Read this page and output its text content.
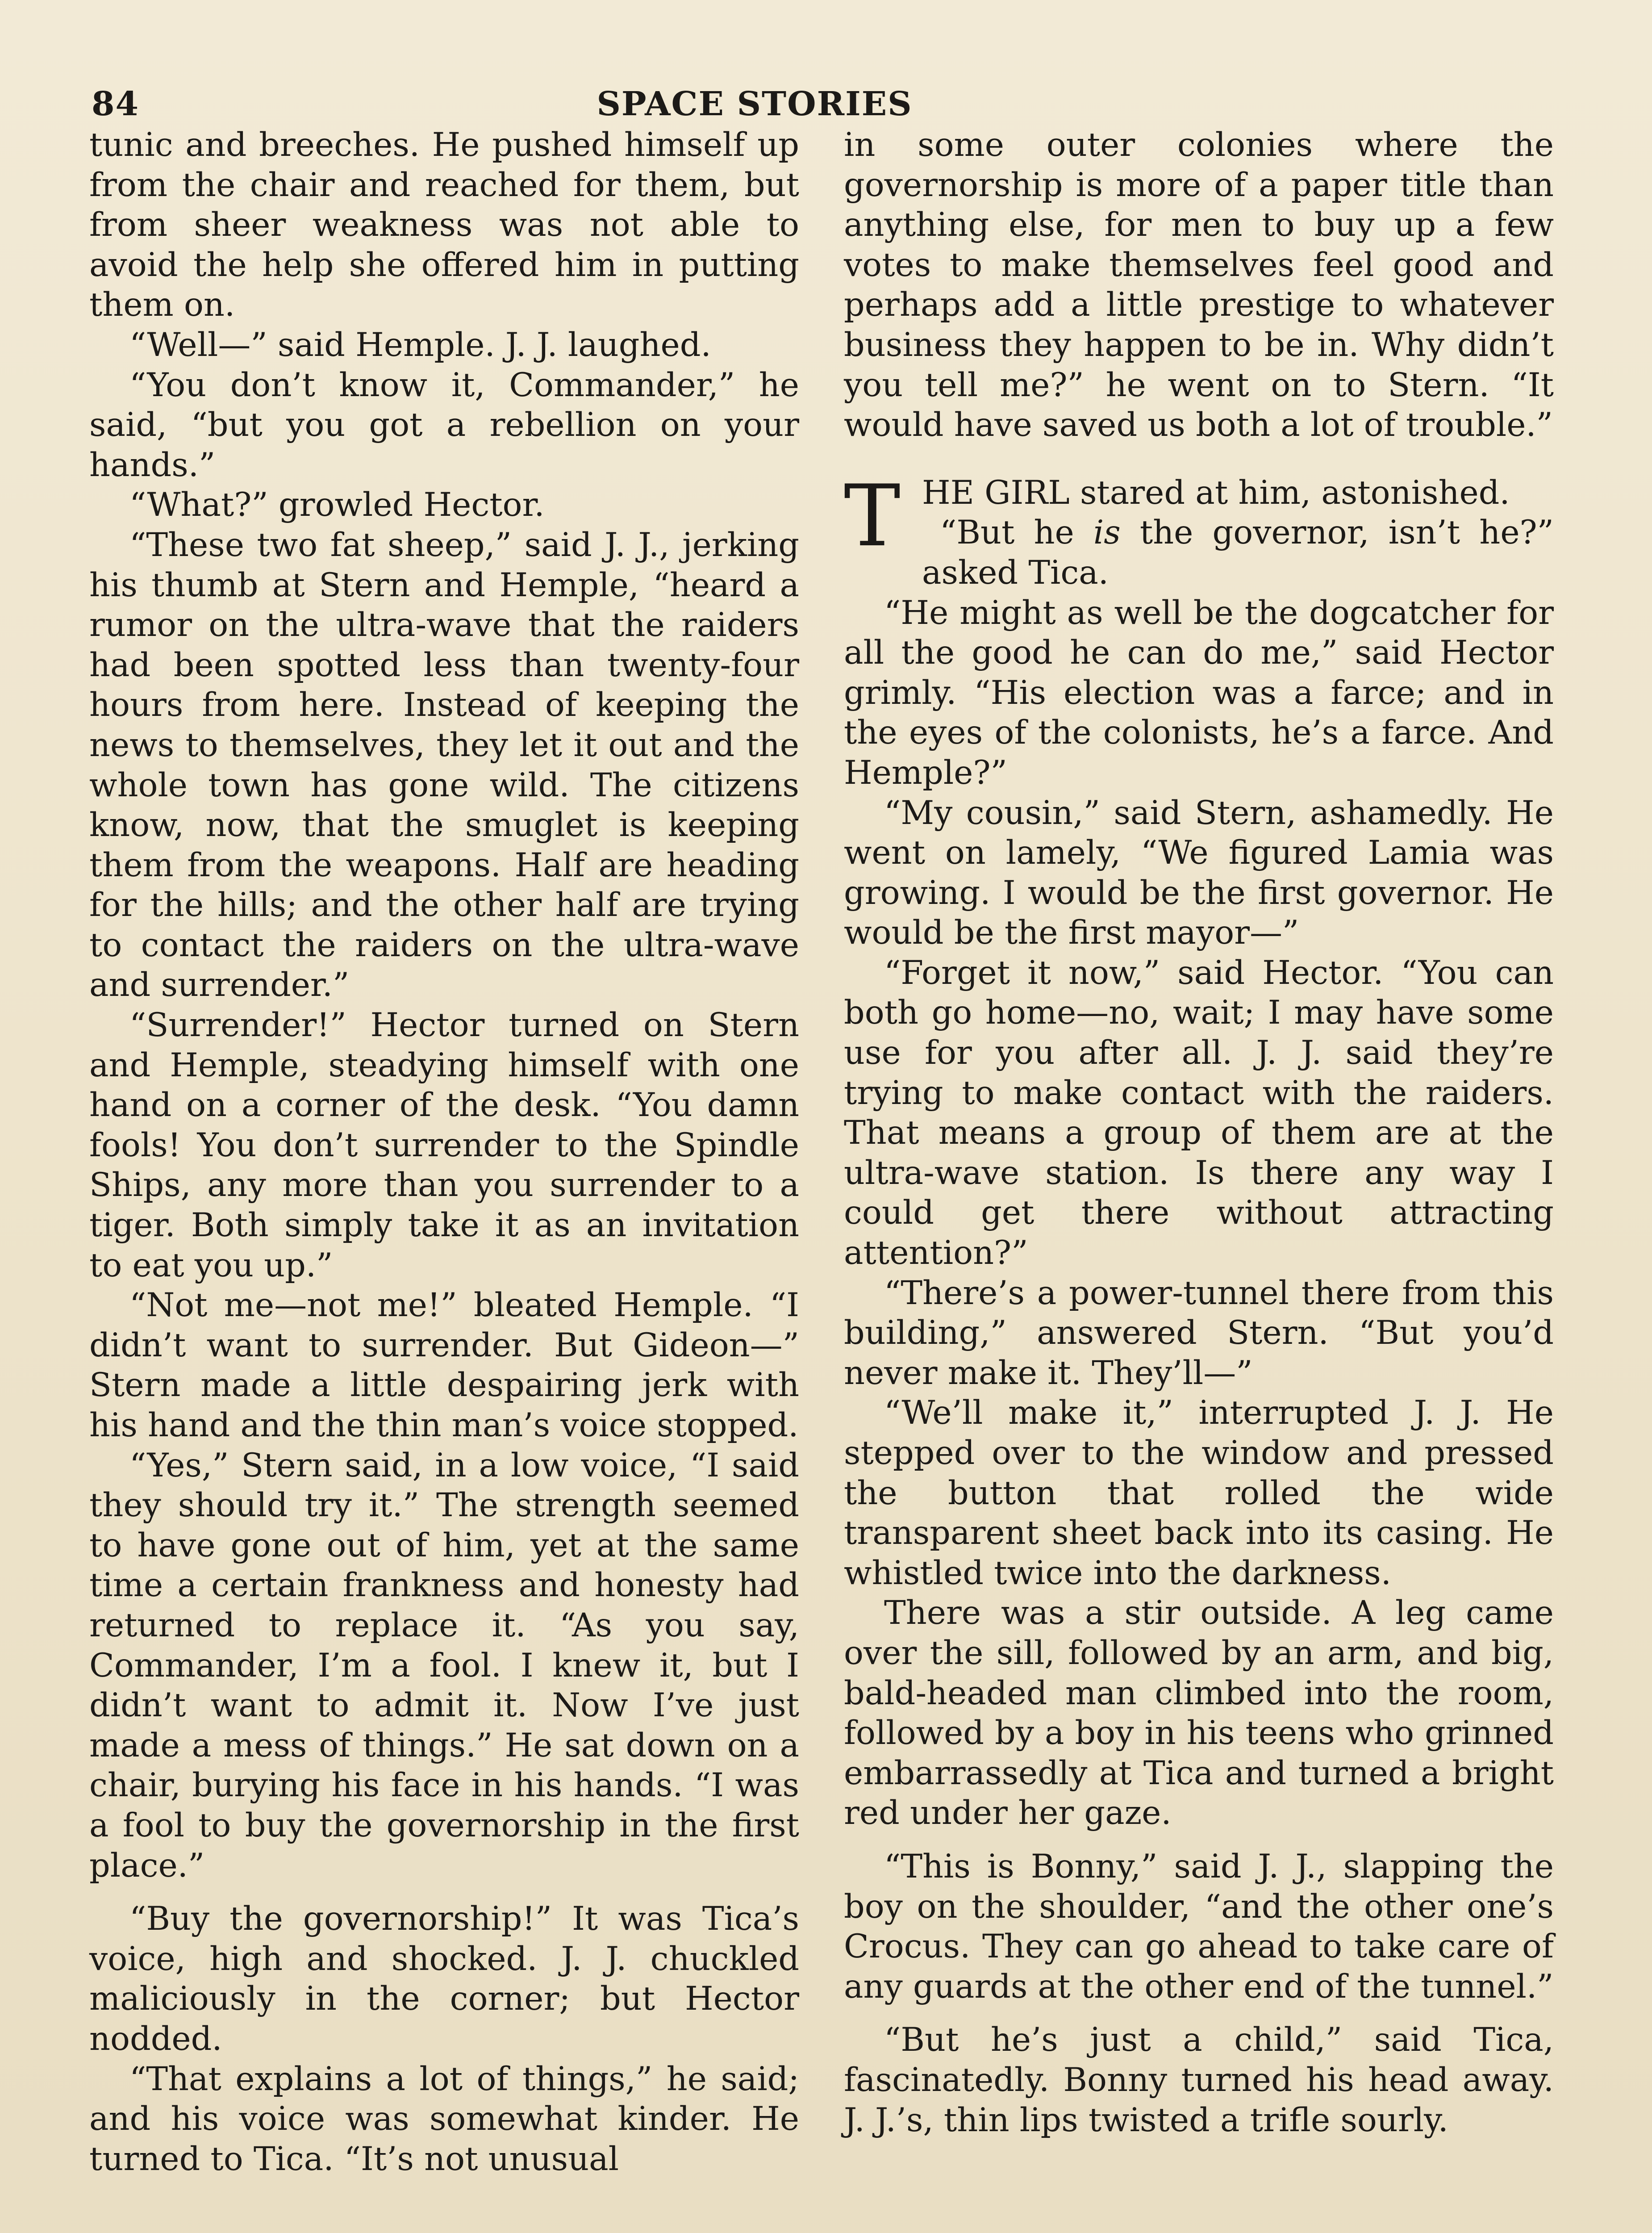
84	SPACE STORIES

tunic and breeches. He pushed himself up from the chair and reached for them, but from sheer weakness was not able to avoid the help she offered him in putting them on.

“Well—” said Hemple. J. J. laughed.

“You don’t know it, Commander,” he said, “but you got a rebellion on your hands.”

“What?” growled Hector.

“These two fat sheep,” said J. J., jerking his thumb at Stern and Hemple, “heard a rumor on the ultra-wave that the raiders had been spotted less than twenty-four hours from here. Instead of keeping the news to themselves, they let it out and the whole town has gone wild. The citizens know, now, that the smuglet is keeping them from the weapons. Half are heading for the hills; and the other half are trying to contact the raiders on the ultra-wave and surrender.”

“Surrender!” Hector turned on Stern and Hemple, steadying himself with one hand on a corner of the desk. “You damn fools! You don’t surrender to the Spindle Ships, any more than you surrender to a tiger. Both simply take it as an invitation to eat you up.”

“Not me—not me!” bleated Hemple. “I didn’t want to surrender. But Gideon—” Stern made a little despairing jerk with his hand and the thin man’s voice stopped.

“Yes,” Stern said, in a low voice, “I said they should try it.” The strength seemed to have gone out of him, yet at the same time a certain frankness and honesty had returned to replace it. “As you say, Commander, I’m a fool. I knew it, but I didn’t want to admit it. Now I’ve just made a mess of things.” He sat down on a chair, burying his face in his hands. “I was a fool to buy the governorship in the first place.”

“Buy the governorship!” It was Tica’s voice, high and shocked. J. J. chuckled maliciously in the corner; but Hector nodded.

“That explains a lot of things,” he said; and his voice was somewhat kinder. He turned to Tica. “It’s not unusual

in some outer colonies where the governorship is more of a paper title than anything else, for men to buy up a few votes to make themselves feel good and perhaps add a little prestige to whatever business they happen to be in. Why didn’t you tell me?” he went on to Stern. “It would have saved us both a lot of trouble.”

T HE GIRL stared at him, astonished.

“But he is the governor, isn’t he?” asked Tica.

“He might as well be the dogcatcher for all the good he can do me,” said Hector grimly. “His election was a farce; and in the eyes of the colonists, he’s a farce. And Hemple?”

“My cousin,” said Stern, ashamedly. He went on lamely, “We figured Lamia was growing. I would be the first governor. He would be the first mayor—”

“Forget it now,” said Hector. “You can both go home—no, wait; I may have some use for you after all. J. J. said they’re trying to make contact with the raiders. That means a group of them are at the ultra-wave station. Is there any way I could get there without attracting attention?”

“There’s a power-tunnel there from this building,” answered Stern. “But you’d never make it. They’ll—”

“We’ll make it,” interrupted J. J. He stepped over to the window and pressed the button that rolled the wide transparent sheet back into its casing. He whistled twice into the darkness.

There was a stir outside. A leg came over the sill, followed by an arm, and big, bald-headed man climbed into the room, followed by a boy in his teens who grinned embarrassedly at Tica and turned a bright red under her gaze.

“This is Bonny,” said J. J., slapping the boy on the shoulder, “and the other one’s Crocus. They can go ahead to take care of any guards at the other end of the tunnel.”

“But he’s just a child,” said Tica, fascinatedly. Bonny turned his head away. J. J.’s, thin lips twisted a trifle sourly.
